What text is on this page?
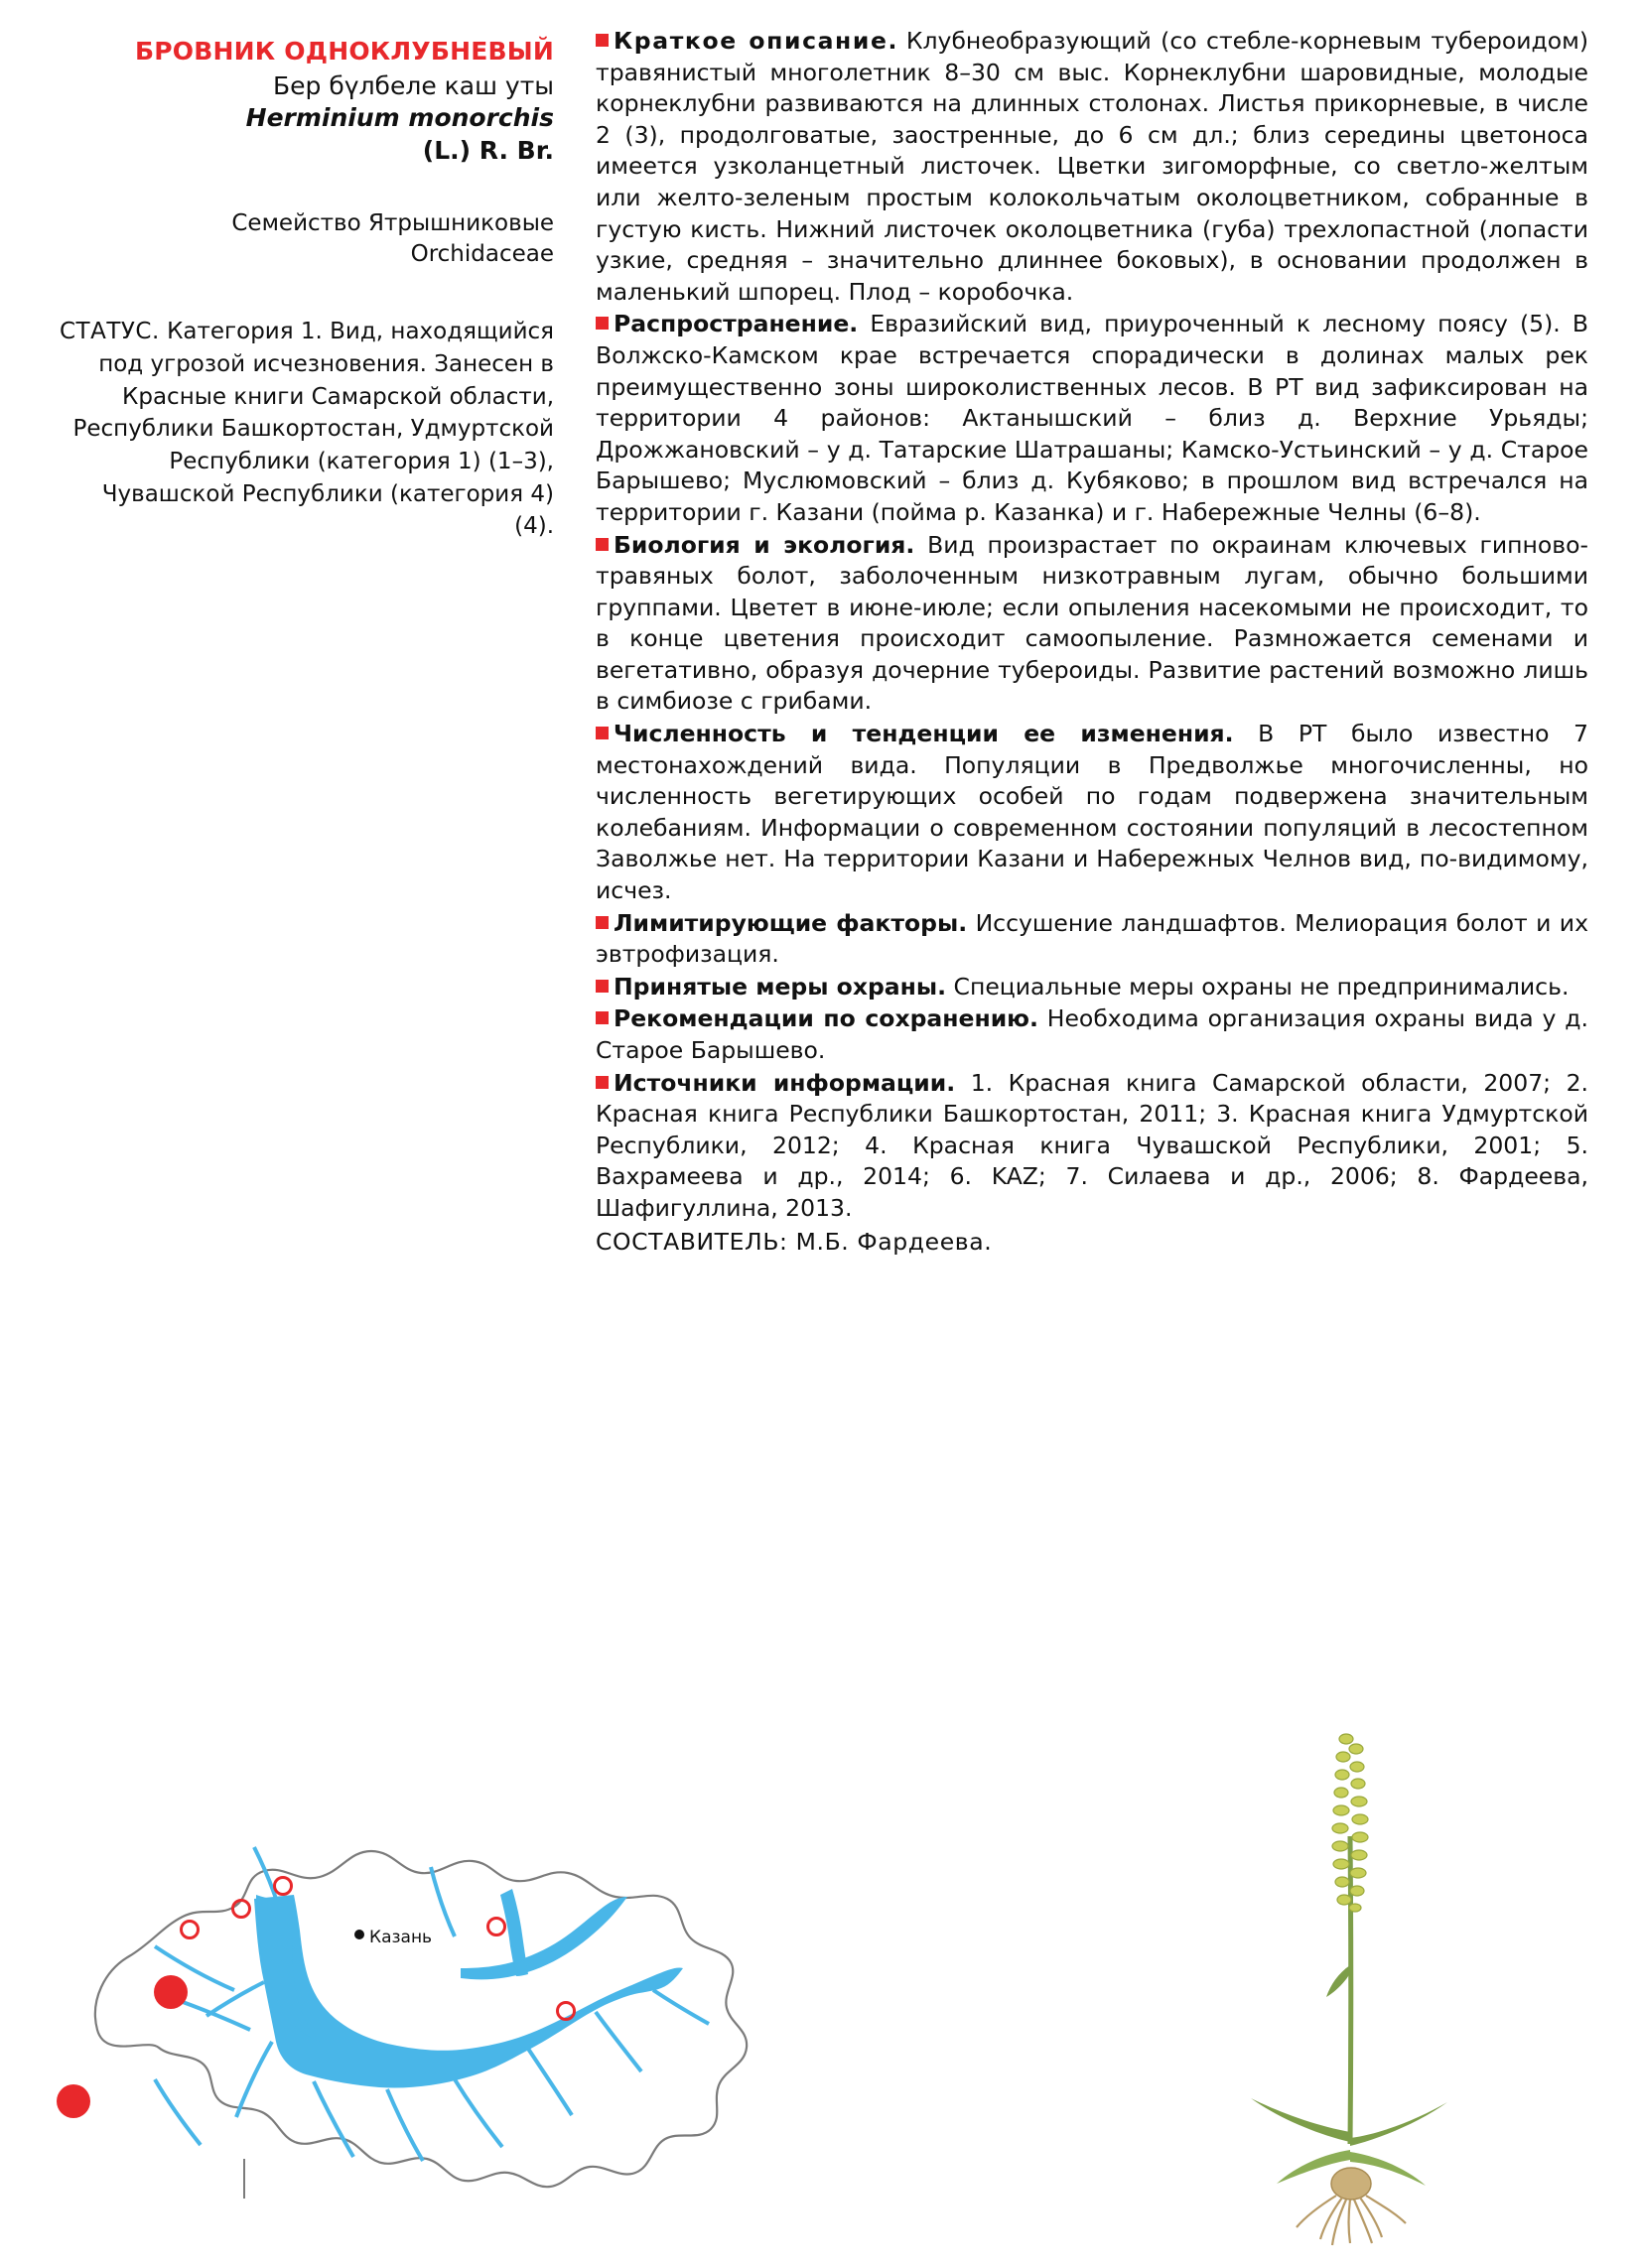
БРОВНИК ОДНОКЛУБНЕВЫЙ
Бер бүлбеле каш уты
Herminium monorchis
(L.) R. Br.
Семейство Ятрышниковые
Orchidaceae
СТАТУС. Категория 1. Вид, находящийся под угрозой исчезновения. Занесен в Красные книги Самарской области, Республики Башкортостан, Удмуртской Республики (категория 1) (1–3), Чувашской Республики (категория 4) (4).
Краткое описание. Клубнеобразующий (со стебле-корневым тубероидом) травянистый многолетник 8–30 см выс. Корнеклубни шаровидные, молодые корнеклубни развиваются на длинных столонах. Листья прикорневые, в числе 2 (3), продолговатые, заостренные, до 6 см дл.; близ середины цветоноса имеется узколанцетный листочек. Цветки зигоморфные, со светло-желтым или желто-зеленым простым колокольчатым околоцветником, собранные в густую кисть. Нижний листочек околоцветника (губа) трехлопастной (лопасти узкие, средняя – значительно длиннее боковых), в основании продолжен в маленький шпорец. Плод – коробочка.
Распространение. Евразийский вид, приуроченный к лесному поясу (5). В Волжско-Камском крае встречается спорадически в долинах малых рек преимущественно зоны широколиственных лесов. В РТ вид зафиксирован на территории 4 районов: Актанышский – близ д. Верхние Урьяды; Дрожжановский – у д. Татарские Шатрашаны; Камско-Устьинский – у д. Старое Барышево; Муслюмовский – близ д. Кубяково; в прошлом вид встречался на территории г. Казани (пойма р. Казанка) и г. Набережные Челны (6–8).
Биология и экология. Вид произрастает по окраинам ключевых гипново-травяных болот, заболоченным низкотравным лугам, обычно большими группами. Цветет в июне-июле; если опыления насекомыми не происходит, то в конце цветения происходит самоопыление. Размножается семенами и вегетативно, образуя дочерние тубероиды. Развитие растений возможно лишь в симбиозе с грибами.
Численность и тенденции ее изменения. В РТ было известно 7 местонахождений вида. Популяции в Предволжье многочисленны, но численность вегетирующих особей по годам подвержена значительным колебаниям. Информации о современном состоянии популяций в лесостепном Заволжье нет. На территории Казани и Набережных Челнов вид, по-видимому, исчез.
Лимитирующие факторы. Иссушение ландшафтов. Мелиорация болот и их эвтрофизация.
Принятые меры охраны. Специальные меры охраны не предпринимались.
Рекомендации по сохранению. Необходима организация охраны вида у д. Старое Барышево.
Источники информации. 1. Красная книга Самарской области, 2007; 2. Красная книга Республики Башкортостан, 2011; 3. Красная книга Удмуртской Республики, 2012; 4. Красная книга Чувашской Республики, 2001; 5. Вахрамеева и др., 2014; 6. KAZ; 7. Силаева и др., 2006; 8. Фардеева, Шафигуллина, 2013.
СОСТАВИТЕЛЬ: М.Б. Фардеева.
Казань
